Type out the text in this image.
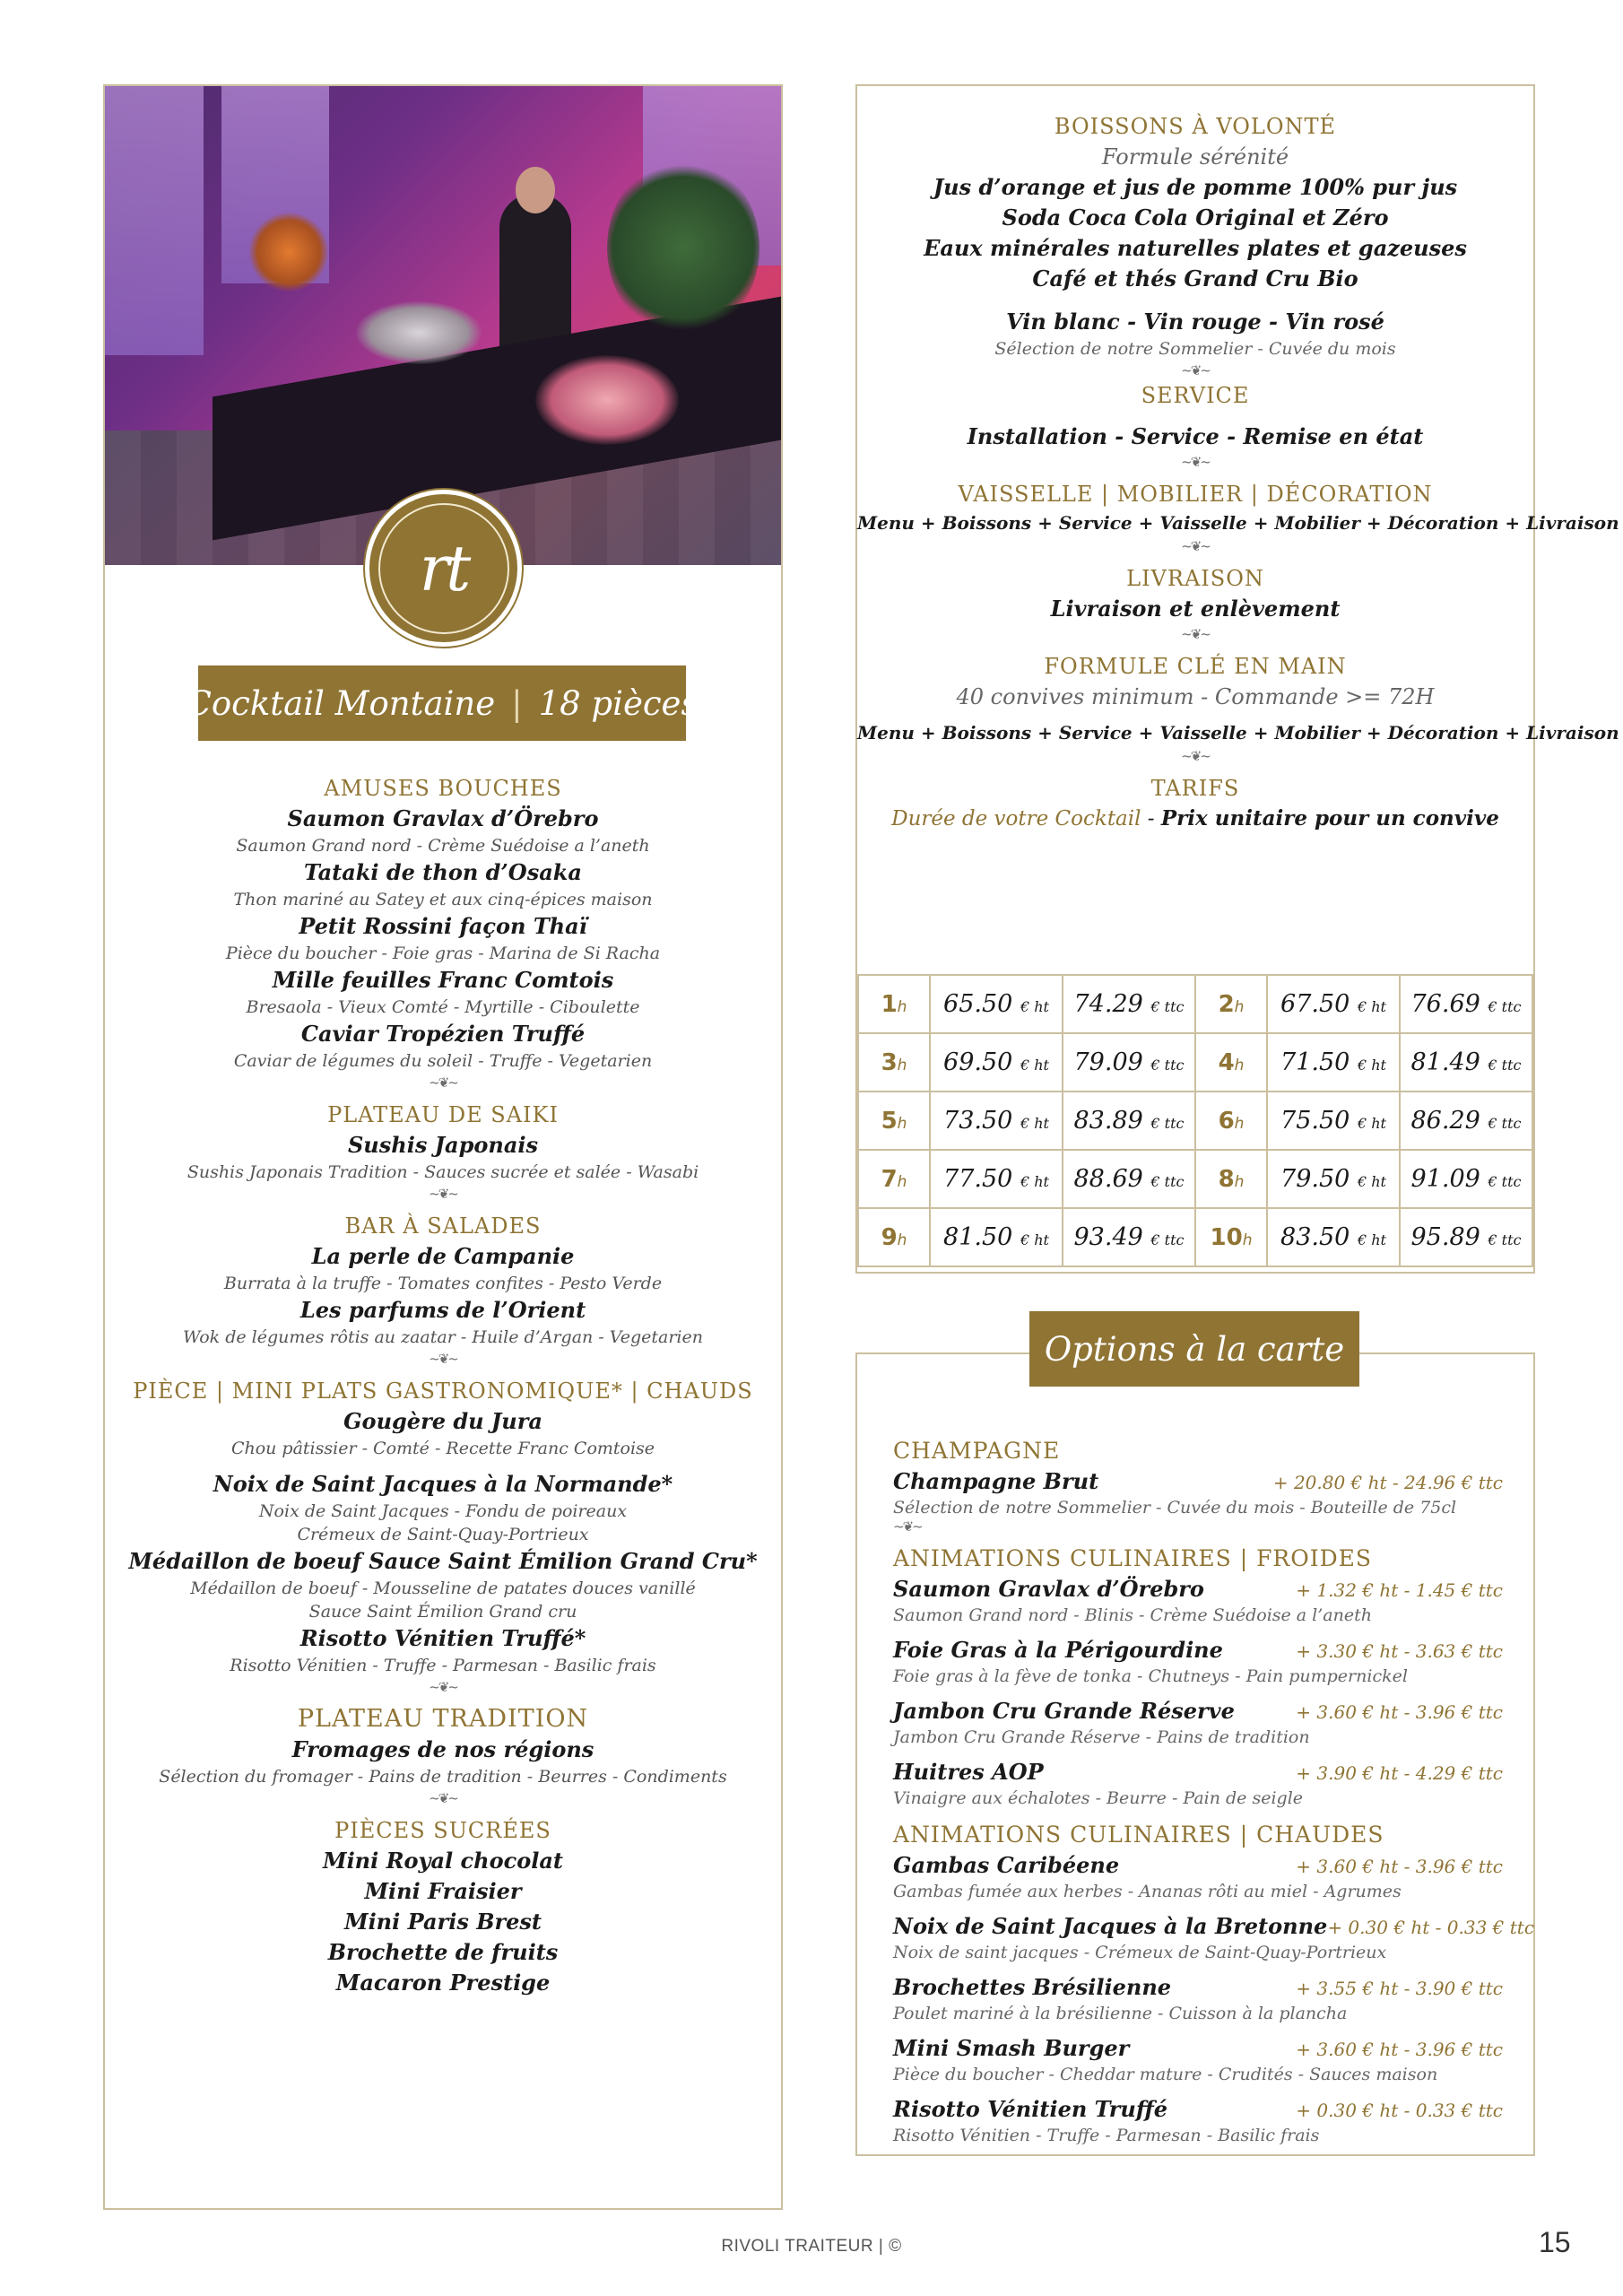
rt
Cocktail Montaine | 18 pièces
AMUSES BOUCHES
Saumon Gravlax d’Örebro
Saumon Grand nord - Crème Suédoise a l’aneth
Tataki de thon d’Osaka
Thon mariné au Satey et aux cinq-épices maison
Petit Rossini façon Thaï
Pièce du boucher - Foie gras - Marina de Si Racha
Mille feuilles Franc Comtois
Bresaola - Vieux Comté - Myrtille - Ciboulette
Caviar Tropézien Truffé
Caviar de légumes du soleil - Truffe - Vegetarien
~❦~
PLATEAU DE SAIKI
Sushis Japonais
Sushis Japonais Tradition - Sauces sucrée et salée - Wasabi
~❦~
BAR À SALADES
La perle de Campanie
Burrata à la truffe - Tomates confites - Pesto Verde
Les parfums de l’Orient
Wok de légumes rôtis au zaatar - Huile d’Argan - Vegetarien
~❦~
PIÈCE | MINI PLATS GASTRONOMIQUE* | CHAUDS
Gougère du Jura
Chou pâtissier - Comté - Recette Franc Comtoise
Noix de Saint Jacques à la Normande*
Noix de Saint Jacques - Fondu de poireaux
Crémeux de Saint-Quay-Portrieux
Médaillon de boeuf Sauce Saint Émilion Grand Cru*
Médaillon de boeuf - Mousseline de patates douces vanillé
Sauce Saint Émilion Grand cru
Risotto Vénitien Truffé*
Risotto Vénitien - Truffe - Parmesan - Basilic frais
~❦~
PLATEAU TRADITION
Fromages de nos régions
Sélection du fromager - Pains de tradition - Beurres - Condiments
~❦~
PIÈCES SUCRÉES
Mini Royal chocolat
Mini Fraisier
Mini Paris Brest
Brochette de fruits
Macaron Prestige
BOISSONS À VOLONTÉ
Formule sérénité
Jus d’orange et jus de pomme 100% pur jus
Soda Coca Cola Original et Zéro
Eaux minérales naturelles plates et gazeuses
Café et thés Grand Cru Bio
Vin blanc - Vin rouge - Vin rosé
Sélection de notre Sommelier - Cuvée du mois
~❦~
SERVICE
Installation - Service - Remise en état
~❦~
VAISSELLE | MOBILIER | DÉCORATION
Menu + Boissons + Service + Vaisselle + Mobilier + Décoration + Livraison
~❦~
LIVRAISON
Livraison et enlèvement
~❦~
FORMULE CLÉ EN MAIN
40 convives minimum - Commande >= 72H
Menu + Boissons + Service + Vaisselle + Mobilier + Décoration + Livraison
~❦~
TARIFS
Durée de votre Cocktail - Prix unitaire pour un convive
1h	65.50 € ht	74.29 € ttc	2h	67.50 € ht	76.69 € ttc
3h	69.50 € ht	79.09 € ttc	4h	71.50 € ht	81.49 € ttc
5h	73.50 € ht	83.89 € ttc	6h	75.50 € ht	86.29 € ttc
7h	77.50 € ht	88.69 € ttc	8h	79.50 € ht	91.09 € ttc
9h	81.50 € ht	93.49 € ttc	10h	83.50 € ht	95.89 € ttc
CHAMPAGNE
Champagne Brut	+ 20.80 € ht - 24.96 € ttc
Sélection de notre Sommelier - Cuvée du mois - Bouteille de 75cl
~❦~
ANIMATIONS CULINAIRES | FROIDES
Saumon Gravlax d’Örebro	+ 1.32 € ht - 1.45 € ttc
Saumon Grand nord - Blinis - Crème Suédoise a l’aneth
Foie Gras à la Périgourdine	+ 3.30 € ht - 3.63 € ttc
Foie gras à la fève de tonka - Chutneys - Pain pumpernickel
Jambon Cru Grande Réserve	+ 3.60 € ht - 3.96 € ttc
Jambon Cru Grande Réserve - Pains de tradition
Huitres AOP	+ 3.90 € ht - 4.29 € ttc
Vinaigre aux échalotes - Beurre - Pain de seigle
ANIMATIONS CULINAIRES | CHAUDES
Gambas Caribéene	+ 3.60 € ht - 3.96 € ttc
Gambas fumée aux herbes - Ananas rôti au miel - Agrumes
Noix de Saint Jacques à la Bretonne + 0.30 € ht - 0.33 € ttc
Noix de saint jacques - Crémeux de Saint-Quay-Portrieux
Brochettes Brésilienne	+ 3.55 € ht - 3.90 € ttc
Poulet mariné à la brésilienne - Cuisson à la plancha
Mini Smash Burger	+ 3.60 € ht - 3.96 € ttc
Pièce du boucher - Cheddar mature - Crudités - Sauces maison
Risotto Vénitien Truffé	+ 0.30 € ht - 0.33 € ttc
Risotto Vénitien - Truffe - Parmesan - Basilic frais
Options à la carte
RIVOLI TRAITEUR | ©	15
